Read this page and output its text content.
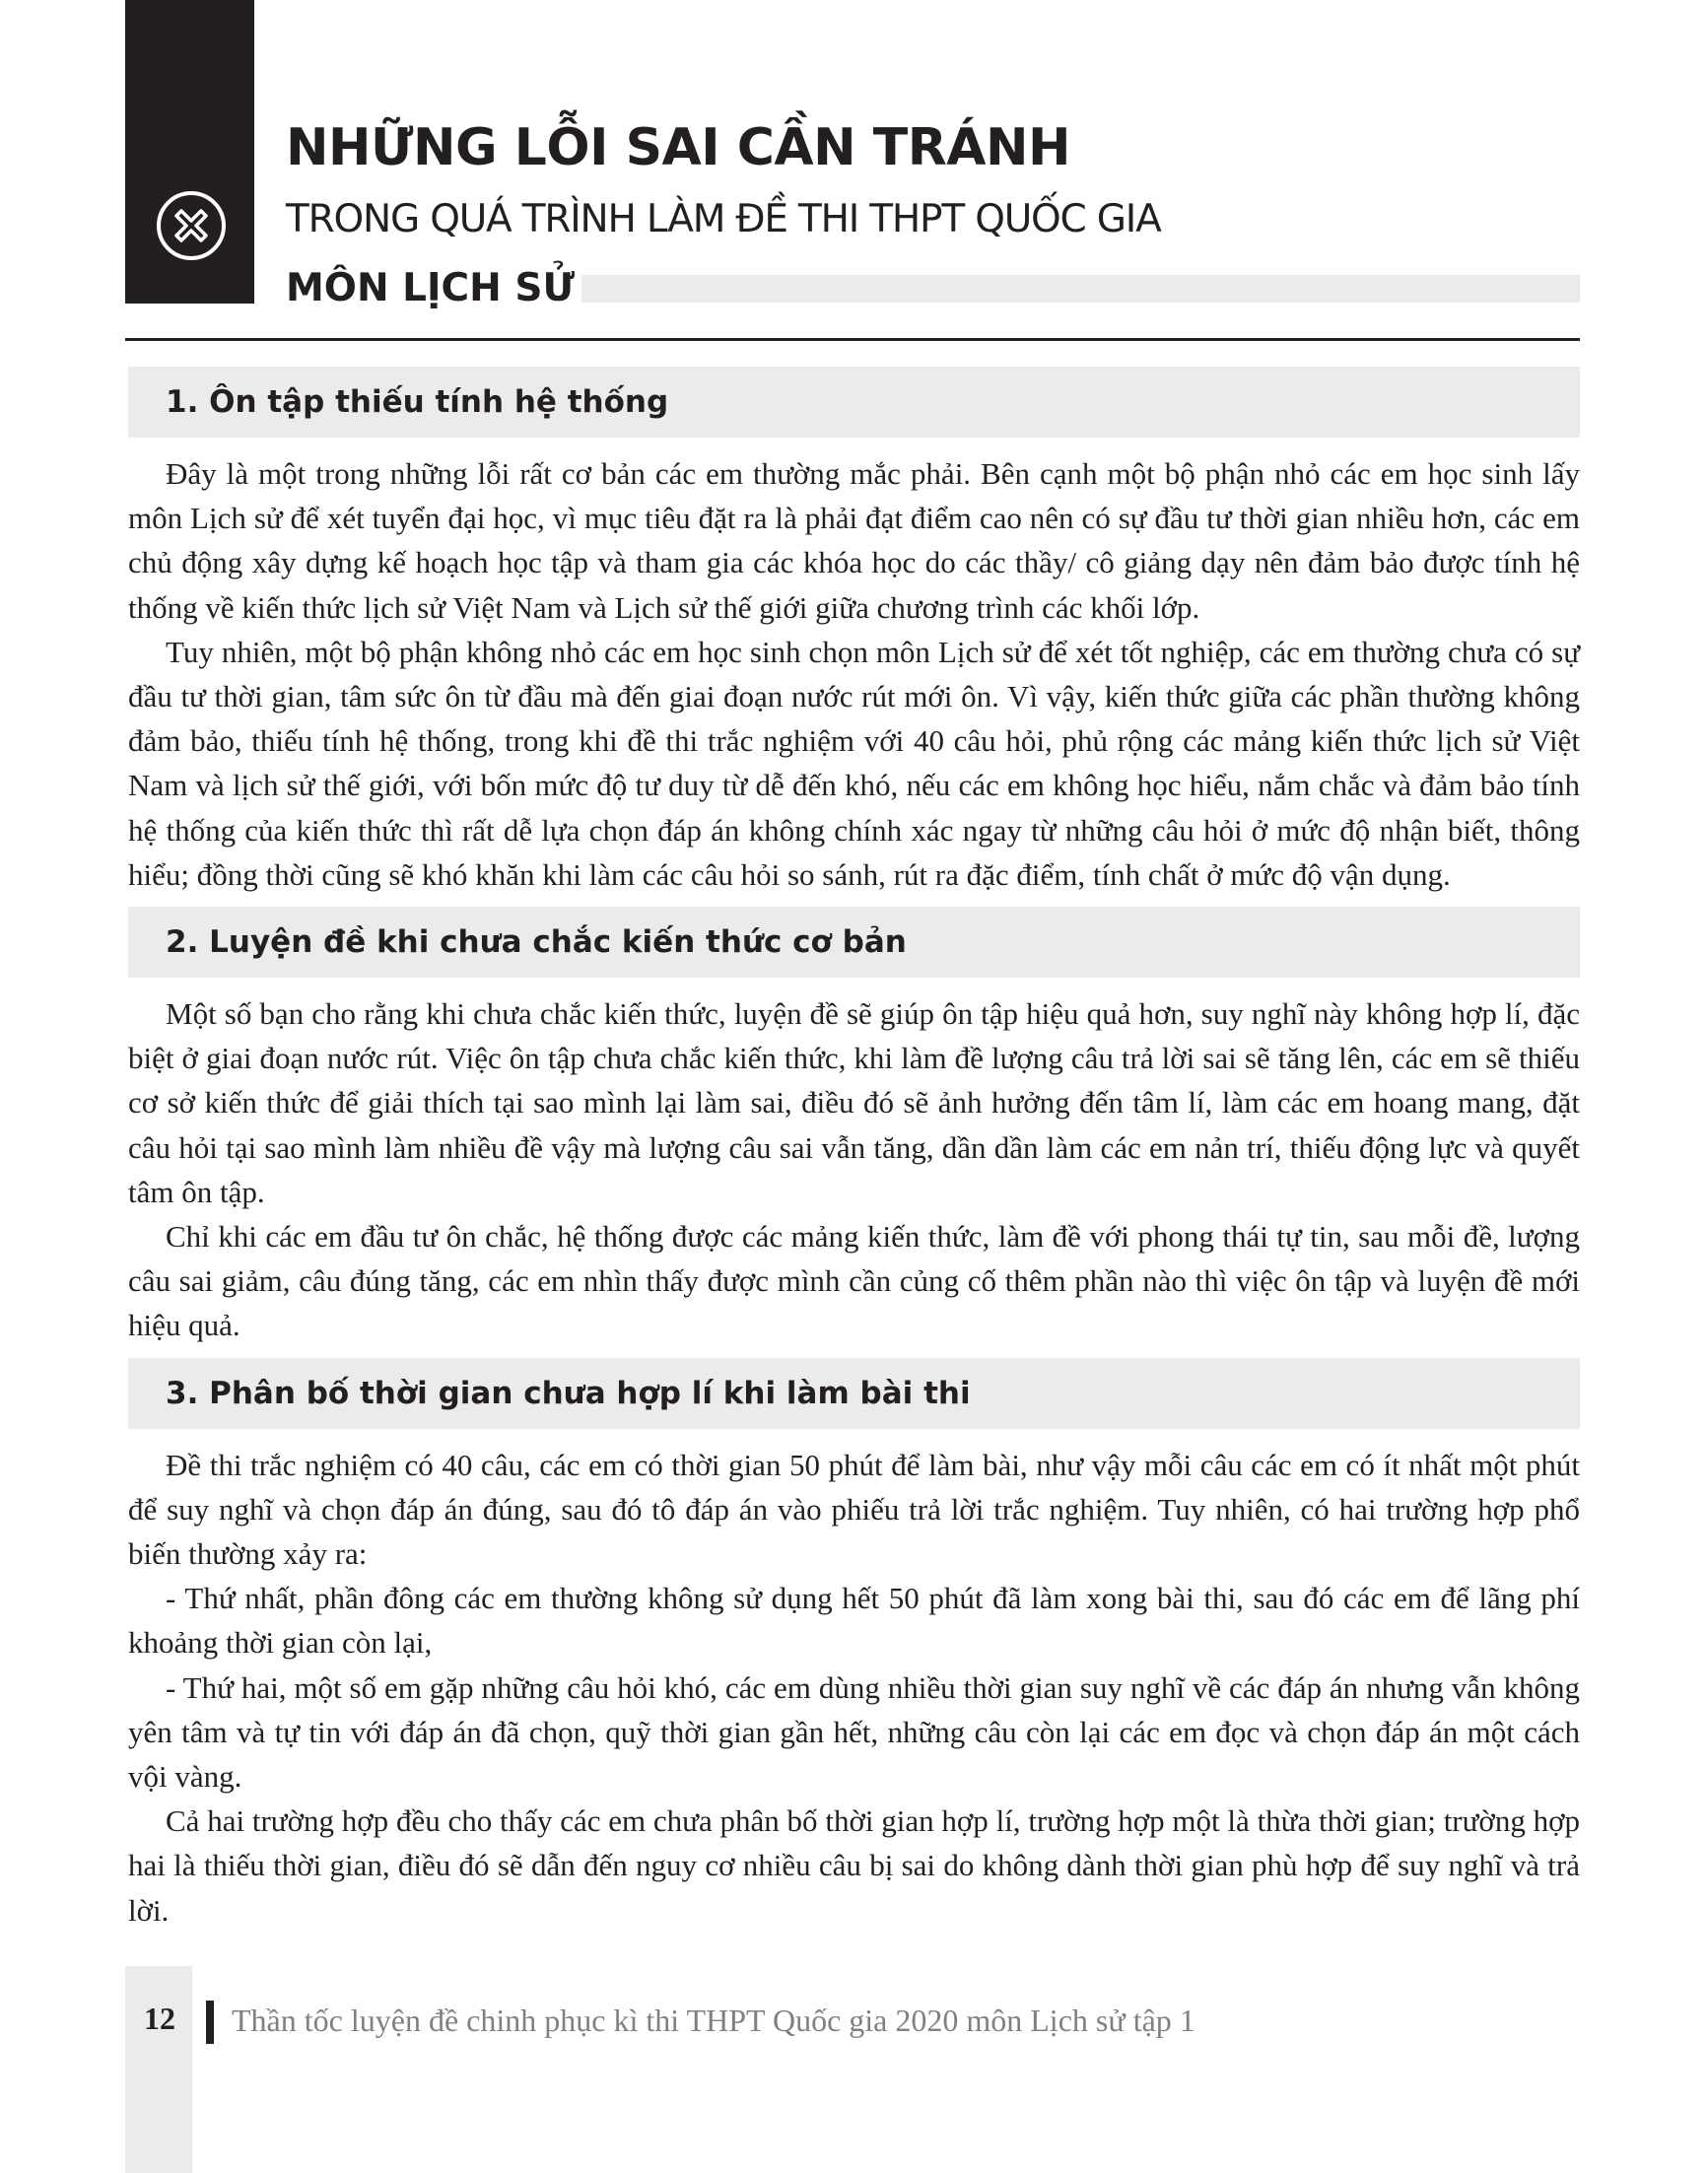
NHỮNG LỖI SAI CẦN TRÁNH
TRONG QUÁ TRÌNH LÀM ĐỀ THI THPT QUỐC GIA
MÔN LỊCH SỬ
1. Ôn tập thiếu tính hệ thống

Đây là một trong những lỗi rất cơ bản các em thường mắc phải. Bên cạnh một bộ phận nhỏ các em học sinh lấy môn Lịch sử để xét tuyển đại học, vì mục tiêu đặt ra là phải đạt điểm cao nên có sự đầu tư thời gian nhiều hơn, các em chủ động xây dựng kế hoạch học tập và tham gia các khóa học do các thầy/ cô giảng dạy nên đảm bảo được tính hệ thống về kiến thức lịch sử Việt Nam và Lịch sử thế giới giữa chương trình các khối lớp.

Tuy nhiên, một bộ phận không nhỏ các em học sinh chọn môn Lịch sử để xét tốt nghiệp, các em thường chưa có sự đầu tư thời gian, tâm sức ôn từ đầu mà đến giai đoạn nước rút mới ôn. Vì vậy, kiến thức giữa các phần thường không đảm bảo, thiếu tính hệ thống, trong khi đề thi trắc nghiệm với 40 câu hỏi, phủ rộng các mảng kiến thức lịch sử Việt Nam và lịch sử thế giới, với bốn mức độ tư duy từ dễ đến khó, nếu các em không học hiểu, nắm chắc và đảm bảo tính hệ thống của kiến thức thì rất dễ lựa chọn đáp án không chính xác ngay từ những câu hỏi ở mức độ nhận biết, thông hiểu; đồng thời cũng sẽ khó khăn khi làm các câu hỏi so sánh, rút ra đặc điểm, tính chất ở mức độ vận dụng.

2. Luyện đề khi chưa chắc kiến thức cơ bản

Một số bạn cho rằng khi chưa chắc kiến thức, luyện đề sẽ giúp ôn tập hiệu quả hơn, suy nghĩ này không hợp lí, đặc biệt ở giai đoạn nước rút. Việc ôn tập chưa chắc kiến thức, khi làm đề lượng câu trả lời sai sẽ tăng lên, các em sẽ thiếu cơ sở kiến thức để giải thích tại sao mình lại làm sai, điều đó sẽ ảnh hưởng đến tâm lí, làm các em hoang mang, đặt câu hỏi tại sao mình làm nhiều đề vậy mà lượng câu sai vẫn tăng, dần dần làm các em nản trí, thiếu động lực và quyết tâm ôn tập.

Chỉ khi các em đầu tư ôn chắc, hệ thống được các mảng kiến thức, làm đề với phong thái tự tin, sau mỗi đề, lượng câu sai giảm, câu đúng tăng, các em nhìn thấy được mình cần củng cố thêm phần nào thì việc ôn tập và luyện đề mới hiệu quả.

3. Phân bố thời gian chưa hợp lí khi làm bài thi

Đề thi trắc nghiệm có 40 câu, các em có thời gian 50 phút để làm bài, như vậy mỗi câu các em có ít nhất một phút để suy nghĩ và chọn đáp án đúng, sau đó tô đáp án vào phiếu trả lời trắc nghiệm. Tuy nhiên, có hai trường hợp phổ biến thường xảy ra:

- Thứ nhất, phần đông các em thường không sử dụng hết 50 phút đã làm xong bài thi, sau đó các em để lãng phí khoảng thời gian còn lại,

- Thứ hai, một số em gặp những câu hỏi khó, các em dùng nhiều thời gian suy nghĩ về các đáp án nhưng vẫn không yên tâm và tự tin với đáp án đã chọn, quỹ thời gian gần hết, những câu còn lại các em đọc và chọn đáp án một cách vội vàng.

Cả hai trường hợp đều cho thấy các em chưa phân bố thời gian hợp lí, trường hợp một là thừa thời gian; trường hợp hai là thiếu thời gian, điều đó sẽ dẫn đến nguy cơ nhiều câu bị sai do không dành thời gian phù hợp để suy nghĩ và trả lời.

12 Thần tốc luyện đề chinh phục kì thi THPT Quốc gia 2020 môn Lịch sử tập 1
